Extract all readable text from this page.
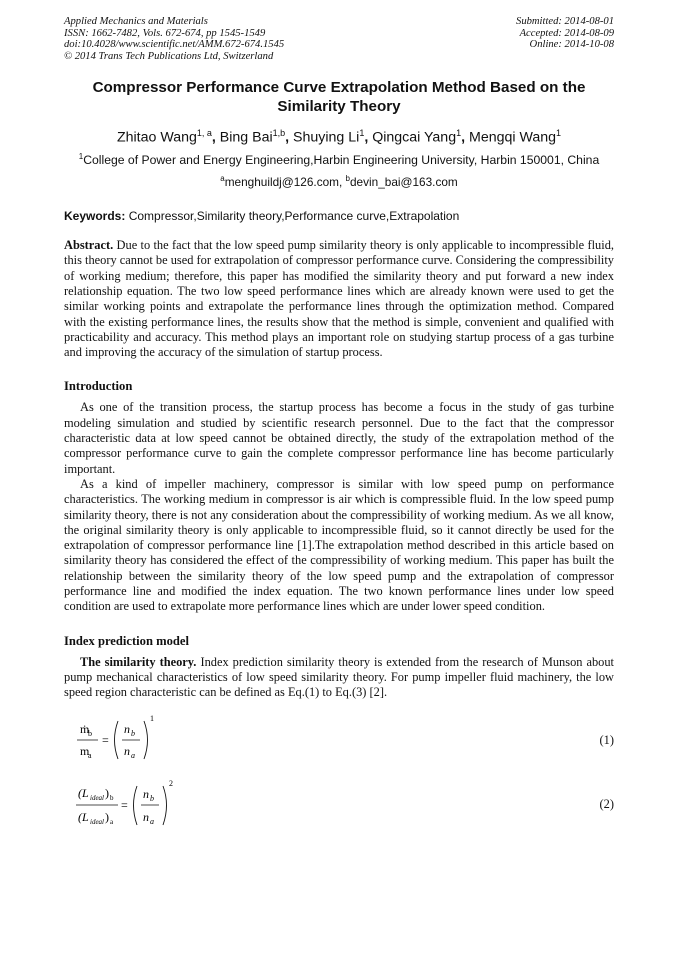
Applied Mechanics and Materials
ISSN: 1662-7482, Vols. 672-674, pp 1545-1549
doi:10.4028/www.scientific.net/AMM.672-674.1545
© 2014 Trans Tech Publications Ltd, Switzerland
Submitted: 2014-08-01
Accepted: 2014-08-09
Online: 2014-10-08
Compressor Performance Curve Extrapolation Method Based on the Similarity Theory
Zhitao Wang$^{1, a}$, Bing Bai$^{1,b}$, Shuying Li$^1$, Qingcai Yang$^1$, Mengqi Wang$^1$
$^1$College of Power and Energy Engineering,Harbin Engineering University, Harbin 150001, China
$^a$menghuildj@126.com, $^b$devin_bai@163.com
Keywords: Compressor,Similarity theory,Performance curve,Extrapolation

Abstract. Due to the fact that the low speed pump similarity theory is only applicable to incompressible fluid, this theory cannot be used for extrapolation of compressor performance curve. Considering the compressibility of working medium; therefore, this paper has modified the similarity theory and put forward a new index relationship equation. The two low speed performance lines which are already known were used to get the similar working points and extrapolate the performance lines through the optimization method. Compared with the existing performance lines, the results show that the method is simple, convenient and qualified with practicability and accuracy. This method plays an important role on studying startup process of a gas turbine and improving the accuracy of the simulation of startup process.

Introduction

As one of the transition process, the startup process has become a focus in the study of gas turbine modeling simulation and studied by scientific research personnel. Due to the fact that the compressor characteristic data at low speed cannot be obtained directly, the study of the extrapolation method of the compressor performance curve to gain the complete compressor performance line has become particularly important.

As a kind of impeller machinery, compressor is similar with low speed pump on performance characteristics. The working medium in compressor is air which is compressible fluid. In the low speed pump similarity theory, there is not any consideration about the compressibility of working medium. As we all know, the original similarity theory is only applicable to incompressible fluid, so it cannot directly be used for the extrapolation of compressor performance line [1].The extrapolation method described in this article based on similarity theory has considered the effect of the compressibility of working medium. This paper has built the relationship between the similarity theory of the low speed pump and the extrapolation of compressor performance line and modified the index equation. The two known performance lines under low speed condition are used to extrapolate more performance lines which are under lower speed condition.

Index prediction model

The similarity theory. Index prediction similarity theory is extended from the research of Munson about pump mechanical characteristics of low speed similarity theory. For pump impeller fluid machinery, the low speed region characteristic can be defined as Eq.(1) to Eq.(3) [2].

ṁ
b
m
a
=
n b
n a
1
(1)
(L ideal ) b
(L ideal ) a
=
n b
n a
2
(2)
